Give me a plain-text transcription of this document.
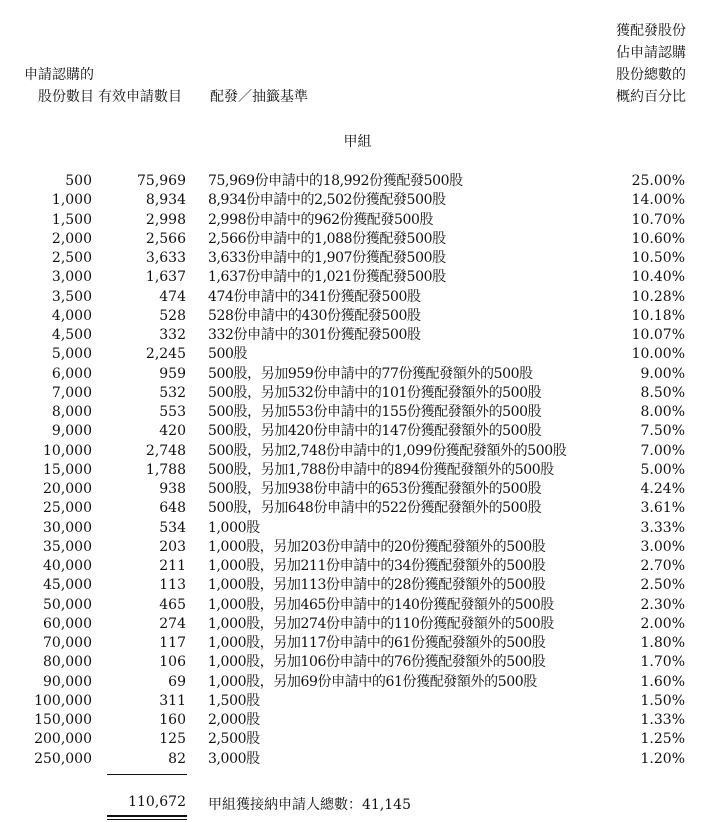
申請認購的
股份數目 有效申請數目 配發／抽籤基準
獲配發股份
佔申請認購
股份總數的
概約百分比
甲組
500	75,969 75,969份申請中的18,992份獲配發500股	25.00%
1,000	8,934 8,934份申請中的2,502份獲配發500股	14.00%
1,500	2,998 2,998份申請中的962份獲配發500股	10.70%
2,000	2,566 2,566份申請中的1,088份獲配發500股	10.60%
2,500	3,633 3,633份申請中的1,907份獲配發500股	10.50%
3,000	1,637 1,637份申請中的1,021份獲配發500股	10.40%
3,500	474 474份申請中的341份獲配發500股	10.28%
4,000	528 528份申請中的430份獲配發500股	10.18%
4,500	332 332份申請中的301份獲配發500股	10.07%
5,000	2,245 500股	10.00%
6,000	959 500股，另加959份申請中的77份獲配發額外的500股	9.00%
7,000	532 500股，另加532份申請中的101份獲配發額外的500股	8.50%
8,000	553 500股，另加553份申請中的155份獲配發額外的500股	8.00%
9,000	420 500股，另加420份申請中的147份獲配發額外的500股	7.50%
10,000	2,748 500股，另加2,748份申請中的1,099份獲配發額外的500股	7.00%
15,000	1,788 500股，另加1,788份申請中的894份獲配發額外的500股	5.00%
20,000	938 500股，另加938份申請中的653份獲配發額外的500股	4.24%
25,000	648 500股，另加648份申請中的522份獲配發額外的500股	3.61%
30,000	534 1,000股	3.33%
35,000	203 1,000股，另加203份申請中的20份獲配發額外的500股	3.00%
40,000	211 1,000股，另加211份申請中的34份獲配發額外的500股	2.70%
45,000	113 1,000股，另加113份申請中的28份獲配發額外的500股	2.50%
50,000	465 1,000股，另加465份申請中的140份獲配發額外的500股	2.30%
60,000	274 1,000股，另加274份申請中的110份獲配發額外的500股	2.00%
70,000	117 1,000股，另加117份申請中的61份獲配發額外的500股	1.80%
80,000	106 1,000股，另加106份申請中的76份獲配發額外的500股	1.70%
90,000	69 1,000股，另加69份申請中的61份獲配發額外的500股	1.60%
100,000	311 1,500股	1.50%
150,000	160 2,000股	1.33%
200,000	125 2,500股	1.25%
250,000	82 3,000股	1.20%
110,672 甲組獲接納申請人總數：41,145
